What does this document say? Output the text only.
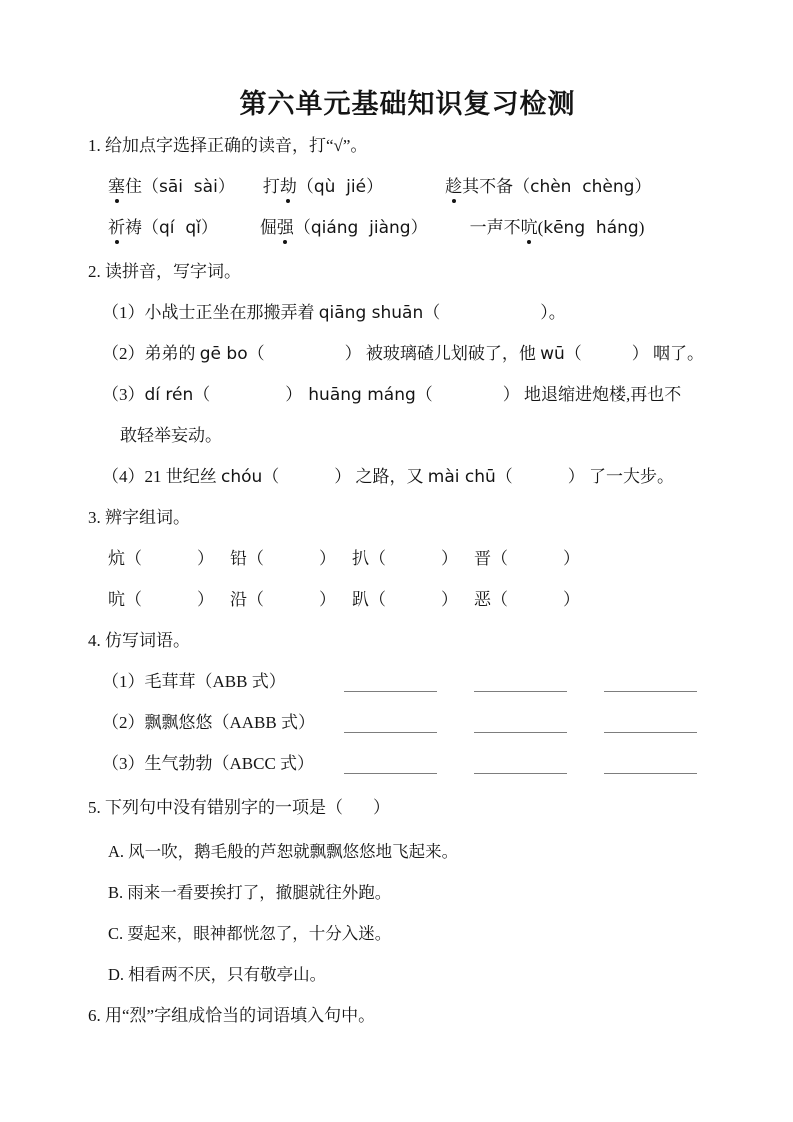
第六单元基础知识复习检测

1. 给加点字选择正确的读音，打“√”。

塞住（sāi  sài） 打劫（qù  jié）	趁其不备（chèn  chèng）
祈祷（qí  qǐ） 倔强（qiáng  jiàng） 一声不吭(kēng  háng)

2. 读拼音，写字词。

（1）小战士正坐在那搬弄着 qiāng shuān（	）。

（2）弟弟的 gē bo（	） 被玻璃碴儿划破了，他 wū（	） 咽了。

（3）dí rén（	） huāng máng（	） 地退缩进炮楼,再也不

敢轻举妄动。

（4）21 世纪丝 chóu（	） 之路，又 mài chū（	） 了一大步。

3. 辨字组词。

炕（	） 铅（	） 扒（	） 晋（	）
吭（	） 沿（	） 趴（	） 恶（	）

4. 仿写词语。

（1）毛茸茸（ABB 式）
（2）飘飘悠悠（AABB 式）
（3）生气勃勃（ABCC 式）

5. 下列句中没有错别字的一项是（ ）

A. 风一吹，鹅毛般的芦恕就飘飘悠悠地飞起来。

B. 雨来一看要挨打了，撤腿就往外跑。

C. 耍起来，眼神都恍忽了，十分入迷。

D. 相看两不厌，只有敬亭山。

6. 用“烈”字组成恰当的词语填入句中。
